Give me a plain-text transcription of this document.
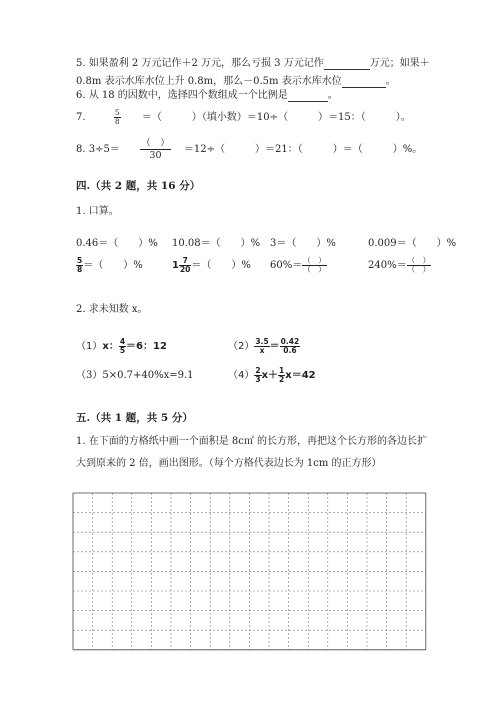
5. 如果盈利 2 万元记作＋2 万元，那么亏损 3 万元记作	万元；如果＋
0.8m 表示水库水位上升 0.8m，那么－0.5m 表示水库水位	。
6. 从 18 的因数中，选择四个数组成一个比例是	。
7.	$\frac{5}{8}$ ＝（　　　）（填小数）＝10÷（　　　）＝15：（　　　）。
8. $3\div 5= \frac{( )}{30} =12\div$（　　　）＝21：（　　　）＝（　　　）%。
四.（共 2 题，共 16 分）
1. 口算。
0.46＝（　　）% 10.08＝（　　）% 3＝（　　）%	0.009＝（　　）%
$\frac{5}{8}$ ＝（　　）%	$1 \frac{7}{20}$ ＝（　　）% $60\%= \frac{( )}{( )}$	$240\%= \frac{( )}{( )}$
2. 求未知数 x。
（1）x： $\frac{4}{5} =6$：12	$(2) \frac{3.5}{x} = \frac{0.42}{0.6}$
（3）5×0.7+40%x=9.1	$(4) \frac{2}{3} x+ \frac{1}{2} x=42$
五.（共 1 题，共 5 分）
1. 在下面的方格纸中画一个面积是 8c㎡ 的长方形，再把这个长方形的各边长扩
大到原来的 2 倍，画出图形。（每个方格代表边长为 1cm 的正方形）
